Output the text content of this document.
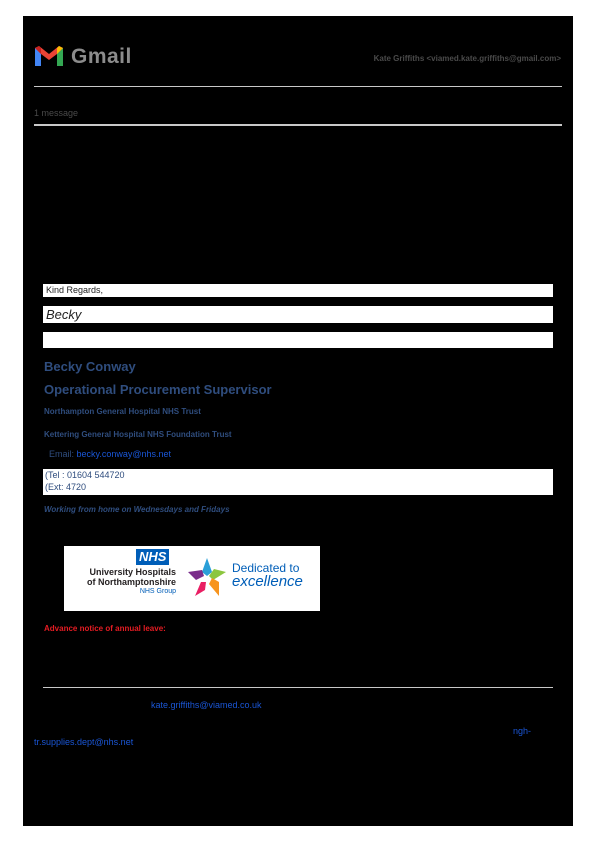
Gmail	Kate Griffiths <viamed.kate.griffiths@gmail.com>
1 message
Kind Regards,
Becky
Becky Conway
Operational Procurement Supervisor
Northampton General Hospital NHS Trust
Kettering General Hospital NHS Foundation Trust
Email: becky.conway@nhs.net
(Tel : 01604 544720
(Ext: 4720
Working from home on Wednesdays and Fridays
NHS
University Hospitals
of Northamptonshire
NHS Group
Dedicated to
excellence
Advance notice of annual leave:
kate.griffiths@viamed.co.uk
ngh-
tr.supplies.dept@nhs.net
